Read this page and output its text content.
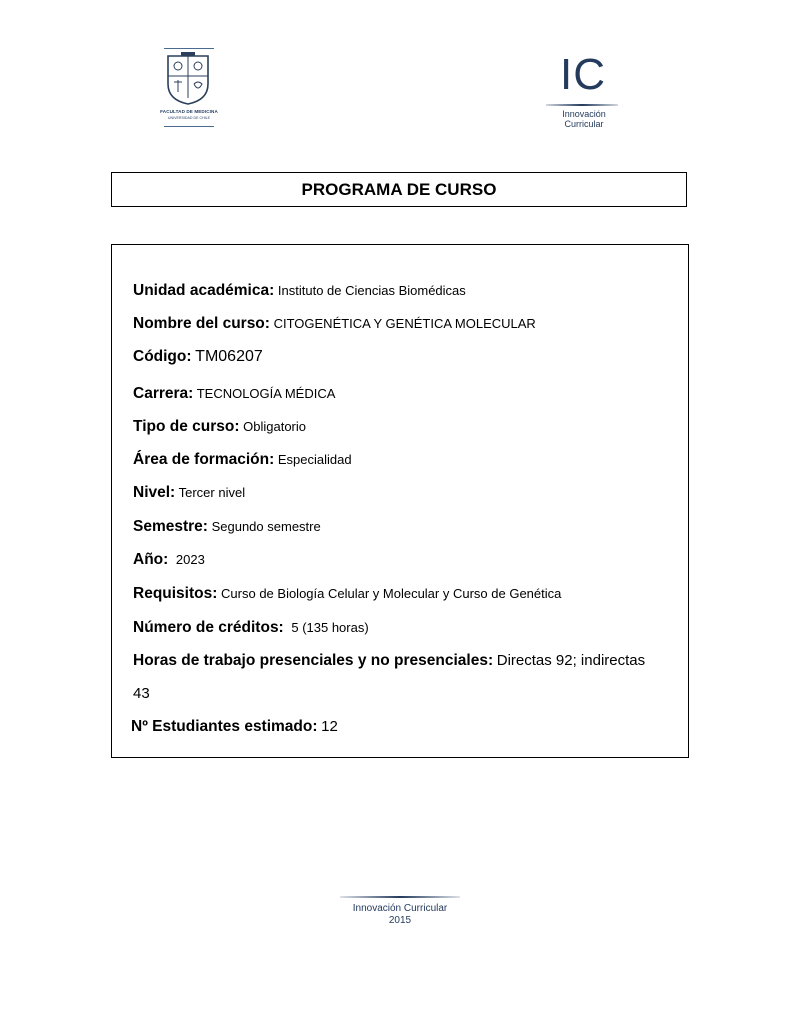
FACULTAD DE MEDICINA
UNIVERSIDAD DE CHILE
IC
Innovación
Curricular
PROGRAMA DE CURSO
Unidad académica: Instituto de Ciencias Biomédicas
Nombre del curso: CITOGENÉTICA Y GENÉTICA MOLECULAR
Código: TM06207
Carrera: TECNOLOGÍA MÉDICA
Tipo de curso: Obligatorio
Área de formación: Especialidad
Nivel: Tercer nivel
Semestre: Segundo semestre
Año: 2023
Requisitos: Curso de Biología Celular y Molecular y Curso de Genética
Número de créditos: 5 (135 horas)
Horas de trabajo presenciales y no presenciales: Directas 92; indirectas
43
Nº Estudiantes estimado: 12
Innovación Curricular
2015
